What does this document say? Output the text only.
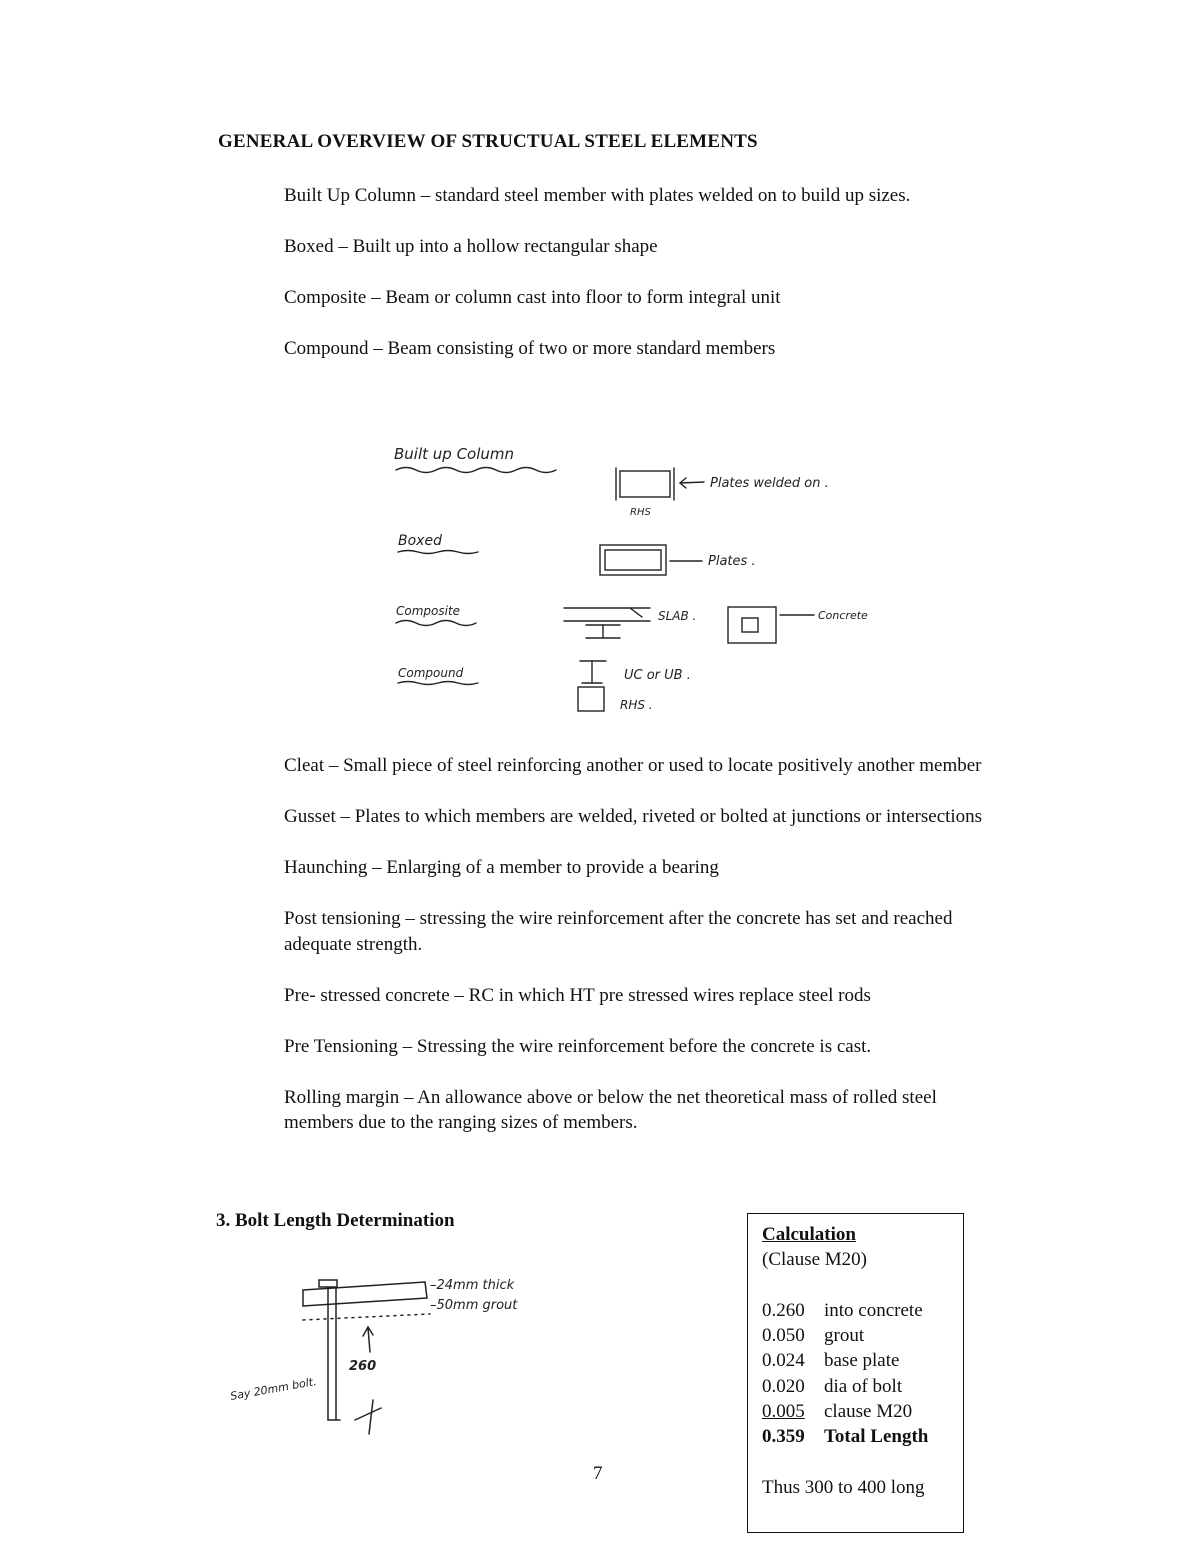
GENERAL OVERVIEW OF STRUCTUAL STEEL ELEMENTS

Built Up Column – standard steel member with plates welded on to build up sizes.

Boxed – Built up into a hollow rectangular shape

Composite – Beam or column cast into floor to form integral unit

Compound – Beam consisting of two or more standard members

Built up Column
Boxed
Composite
Compound
Plates welded on .
RHS
Plates .
SLAB .	Concrete
UC or UB .
RHS .

Cleat – Small piece of steel reinforcing another or used to locate positively another member

Gusset – Plates to which members are welded, riveted or bolted at junctions or intersections

Haunching – Enlarging of a member to provide a bearing

Post tensioning – stressing the wire reinforcement after the concrete has set and reached adequate strength.

Pre- stressed concrete – RC in which HT pre stressed wires replace steel rods

Pre Tensioning – Stressing the wire reinforcement before the concrete is cast.

Rolling margin – An allowance above or below the net theoretical mass of rolled steel members due to the ranging sizes of members.

3. Bolt Length Determination
–24mm thick
–50mm grout
260
Say 20mm bolt.
Calculation
(Clause M20)
0.260 into concrete
0.050 grout
0.024 base plate
0.020 dia of bolt
0.005 clause M20
0.359 Total Length
Thus 300 to 400 long
7
